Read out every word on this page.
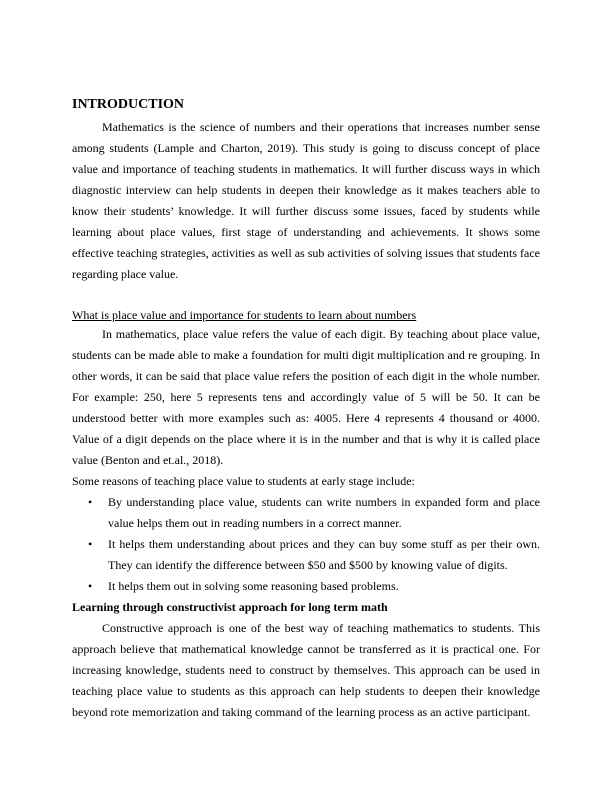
INTRODUCTION

Mathematics is the science of numbers and their operations that increases number sense among students (Lample and Charton, 2019). This study is going to discuss concept of place value and importance of teaching students in mathematics. It will further discuss ways in which diagnostic interview can help students in deepen their knowledge as it makes teachers able to know their students’ knowledge. It will further discuss some issues, faced by students while learning about place values, first stage of understanding and achievements. It shows some effective teaching strategies, activities as well as sub activities of solving issues that students face regarding place value.

What is place value and importance for students to learn about numbers

In mathematics, place value refers the value of each digit. By teaching about place value, students can be made able to make a foundation for multi digit multiplication and re grouping. In other words, it can be said that place value refers the position of each digit in the whole number. For example: 250, here 5 represents tens and accordingly value of 5 will be 50. It can be understood better with more examples such as: 4005. Here 4 represents 4 thousand or 4000. Value of a digit depends on the place where it is in the number and that is why it is called place value (Benton and et.al., 2018).

Some reasons of teaching place value to students at early stage include:

• By understanding place value, students can write numbers in expanded form and place value helps them out in reading numbers in a correct manner.
• It helps them understanding about prices and they can buy some stuff as per their own. They can identify the difference between $50 and $500 by knowing value of digits.
• It helps them out in solving some reasoning based problems.

Learning through constructivist approach for long term math

Constructive approach is one of the best way of teaching mathematics to students. This approach believe that mathematical knowledge cannot be transferred as it is practical one. For increasing knowledge, students need to construct by themselves. This approach can be used in teaching place value to students as this approach can help students to deepen their knowledge beyond rote memorization and taking command of the learning process as an active participant.
